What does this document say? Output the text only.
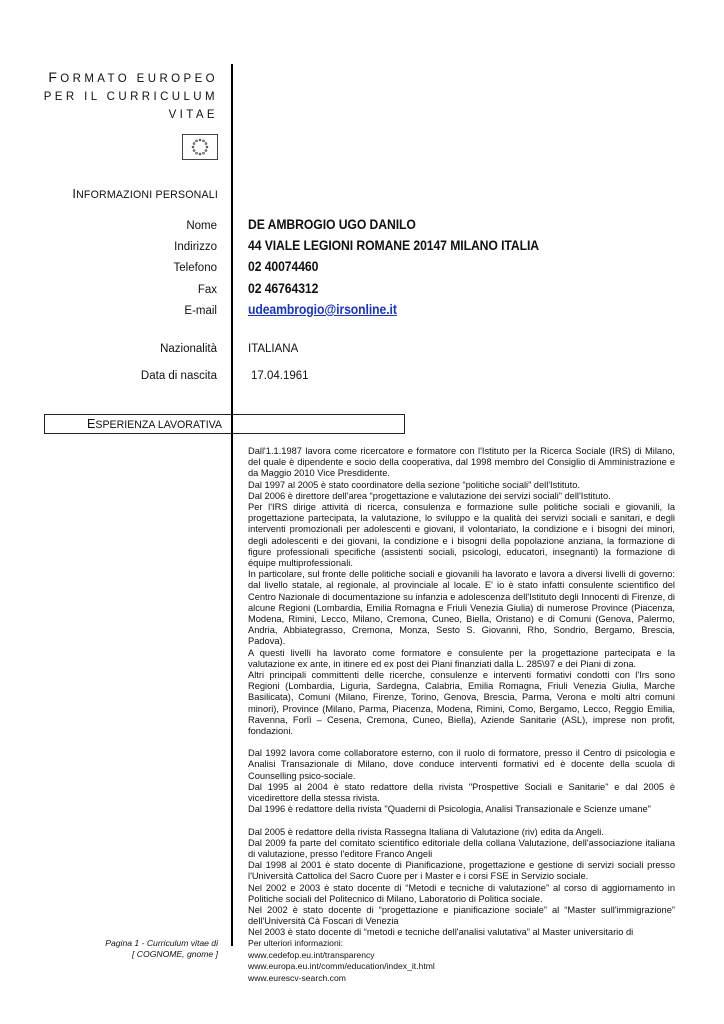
FORMATO EUROPEO
PER IL CURRICULUM
VITAE
INFORMAZIONI PERSONALI
Nome DE AMBROGIO UGO DANILO
Indirizzo 44 VIALE LEGIONI ROMANE 20147 MILANO ITALIA
Telefono 02 40074460
Fax 02 46764312
E-mail udeambrogio@irsonline.it
Nazionalità	ITALIANA
Data di nascita	17.04.1961
ESPERIENZA LAVORATIVA

Dall'1.1.1987 lavora come ricercatore e formatore con l'Istituto per la Ricerca Sociale (IRS) di Milano, del quale è dipendente e socio della cooperativa, dal 1998 membro del Consiglio di Amministrazione e da Maggio 2010 Vice Presdidente.

Dal 1997 al 2005 è stato coordinatore della sezione “politiche sociali” dell'Istituto.

Dal 2006 è direttore dell'area “progettazione e valutazione dei servizi sociali” dell'Istituto.

Per l'IRS dirige attività di ricerca, consulenza e formazione sulle politiche sociali e giovanili, la progettazione partecipata, la valutazione, lo sviluppo e la qualità dei servizi sociali e sanitari, e degli interventi promozionali per adolescenti e giovani, il volontariato, la condizione e i bisogni dei minori, degli adolescenti e dei giovani, la condizione e i bisogni della popolazione anziana, la formazione di figure professionali specifiche (assistenti sociali, psicologi, educatori, insegnanti) la formazione di équipe multiprofessionali.

In particolare, sul fronte delle politiche sociali e giovanili ha lavorato e lavora a diversi livelli di governo: dal livello statale, al regionale, al provinciale al locale. E' io è stato infatti consulente scientifico del Centro Nazionale di documentazione su infanzia e adolescenza dell'Istituto degli Innocenti di Firenze, di alcune Regioni (Lombardia, Emilia Romagna e Friuli Venezia Giulia) di numerose Province (Piacenza, Modena, Rimini, Lecco, Milano, Cremona, Cuneo, Biella, Oristano) e di Comuni (Genova, Palermo, Andria, Abbiategrasso, Cremona, Monza, Sesto S. Giovanni, Rho, Sondrio, Bergamo, Brescia, Padova).

A questi livelli ha lavorato come formatore e consulente per la progettazione partecipata e la valutazione ex ante, in itinere ed ex post dei Piani finanziati dalla L. 285\97 e dei Piani di zona.

Altri principali committenti delle ricerche, consulenze e interventi formativi condotti con l'Irs sono Regioni (Lombardia, Liguria, Sardegna, Calabria, Emilia Romagna, Friuli Venezia Giulia, Marche Basilicata), Comuni (Milano, Firenze, Torino, Genova, Brescia, Parma, Verona e molti altri comuni minori), Province (Milano, Parma, Piacenza, Modena, Rimini, Como, Bergamo, Lecco, Reggio Emilia, Ravenna, Forlì – Cesena, Cremona, Cuneo, Biella), Aziende Sanitarie (ASL), imprese non profit, fondazioni.

Dal 1992 lavora come collaboratore esterno, con il ruolo di formatore, presso il Centro di psicologia e Analisi Transazionale di Milano, dove conduce interventi formativi ed è docente della scuola di Counselling psico-sociale.

Dal 1995 al 2004 è stato redattore della rivista "Prospettive Sociali e Sanitarie" e dal 2005 è vicedirettore della stessa rivista.

Dal 1996 è redattore della rivista "Quaderni di Psicologia, Analisi Transazionale e Scienze umane"

Dal 2005 è redattore della rivista Rassegna Italiana di Valutazione (riv) edita da Angeli.

Dal 2009 fa parte del comitato scientifico editoriale della collana Valutazione, dell'associazione italiana di valutazione, presso l'editore Franco Angeli

Dal 1998 al 2001 è stato docente di Pianificazione, progettazione e gestione di servizi sociali presso l'Università Cattolica del Sacro Cuore per i Master e i corsi FSE in Servizio sociale.

Nel 2002 e 2003 è stato docente di “Metodi e tecniche di valutazione” al corso di aggiornamento in Politiche sociali del Politecnico di Milano, Laboratorio di Politica sociale.

Nel 2002 è stato docente di “progettazione e pianificazione sociale” al “Master sull'immigrazione” dell'Università Cà Foscari di Venezia

Nel 2003 è stato docente di “metodi e tecniche dell'analisi valutativa” al Master universitario di

Pagina 1 - Curriculum vitae di
[ COGNOME, gnome ]
Per ulteriori informazioni:
www.cedefop.eu.int/transparency
www.europa.eu.int/comm/education/index_it.html
www.eurescv-search.com
